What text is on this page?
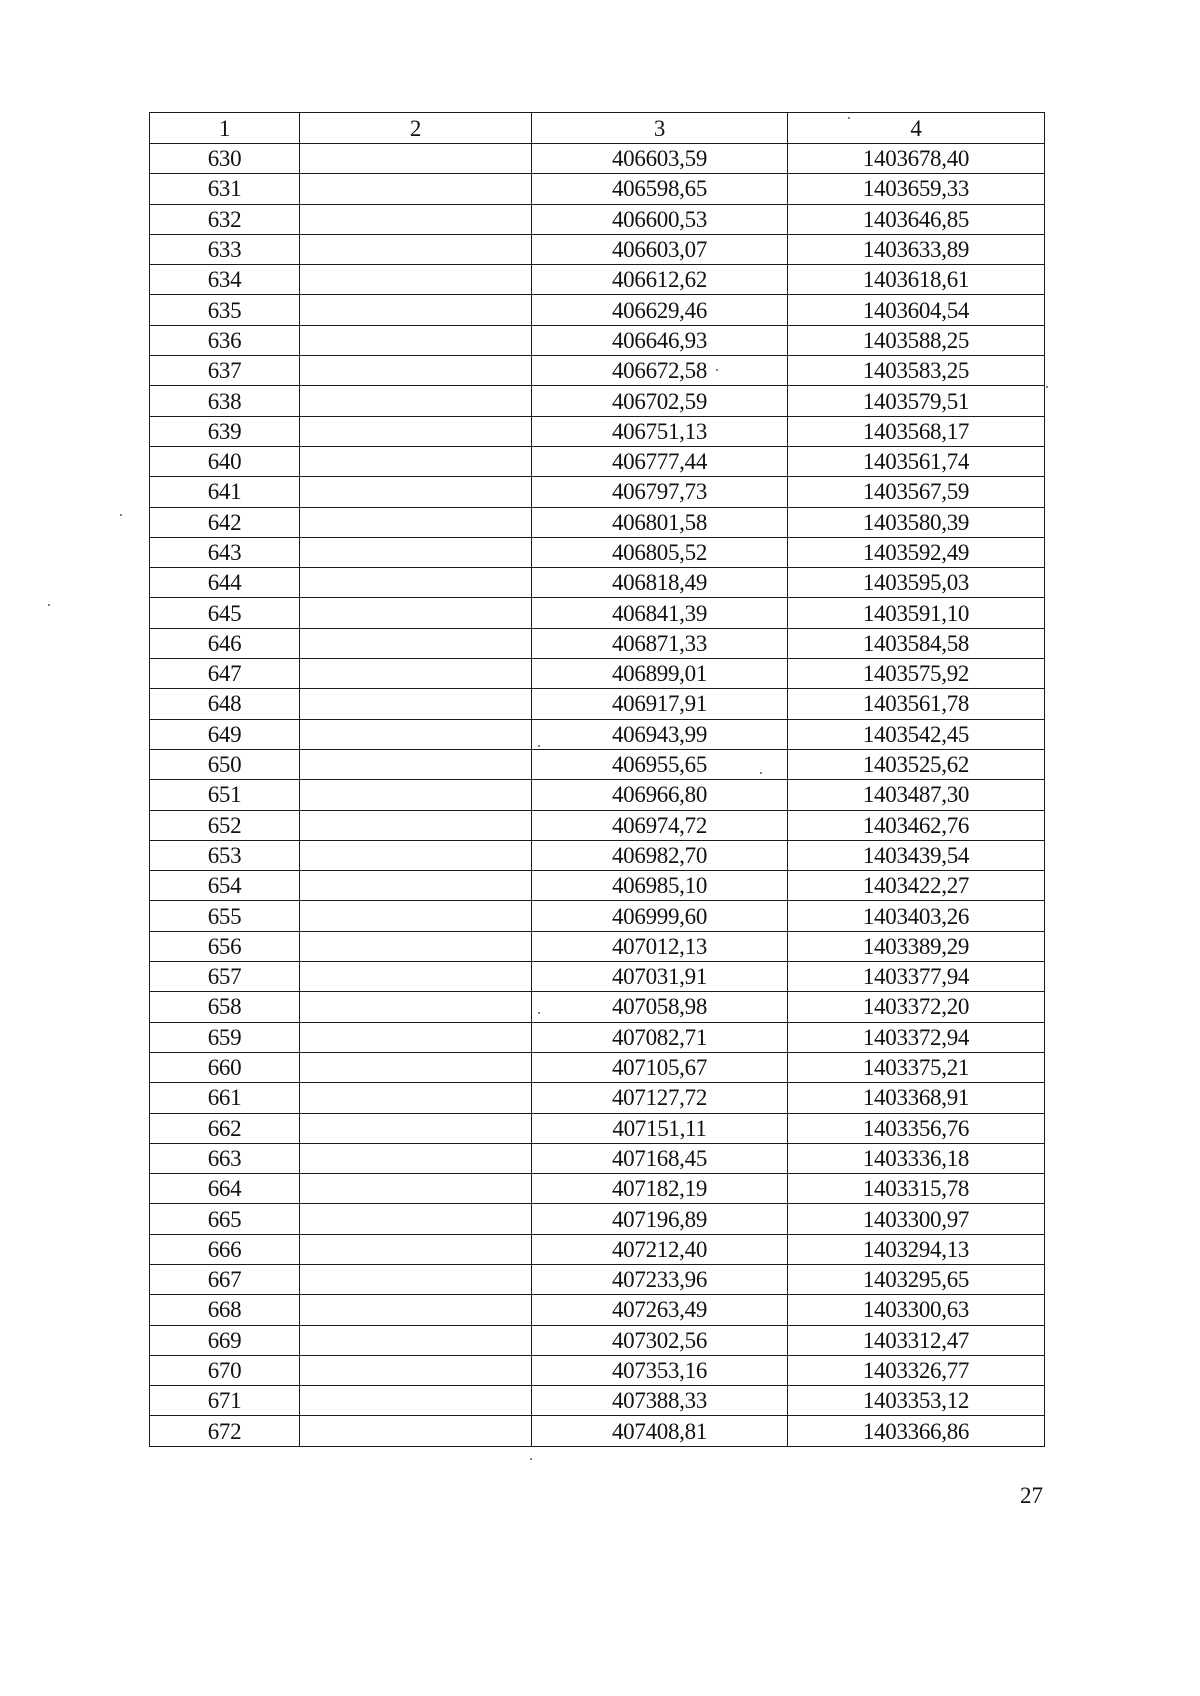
1	2	3	4
630		406603,59	1403678,40
631		406598,65	1403659,33
632		406600,53	1403646,85
633		406603,07	1403633,89
634		406612,62	1403618,61
635		406629,46	1403604,54
636		406646,93	1403588,25
637		406672,58	1403583,25
638		406702,59	1403579,51
639		406751,13	1403568,17
640		406777,44	1403561,74
641		406797,73	1403567,59
642		406801,58	1403580,39
643		406805,52	1403592,49
644		406818,49	1403595,03
645		406841,39	1403591,10
646		406871,33	1403584,58
647		406899,01	1403575,92
648		406917,91	1403561,78
649		406943,99	1403542,45
650		406955,65	1403525,62
651		406966,80	1403487,30
652		406974,72	1403462,76
653		406982,70	1403439,54
654		406985,10	1403422,27
655		406999,60	1403403,26
656		407012,13	1403389,29
657		407031,91	1403377,94
658		407058,98	1403372,20
659		407082,71	1403372,94
660		407105,67	1403375,21
661		407127,72	1403368,91
662		407151,11	1403356,76
663		407168,45	1403336,18
664		407182,19	1403315,78
665		407196,89	1403300,97
666		407212,40	1403294,13
667		407233,96	1403295,65
668		407263,49	1403300,63
669		407302,56	1403312,47
670		407353,16	1403326,77
671		407388,33	1403353,12
672		407408,81	1403366,86
27
